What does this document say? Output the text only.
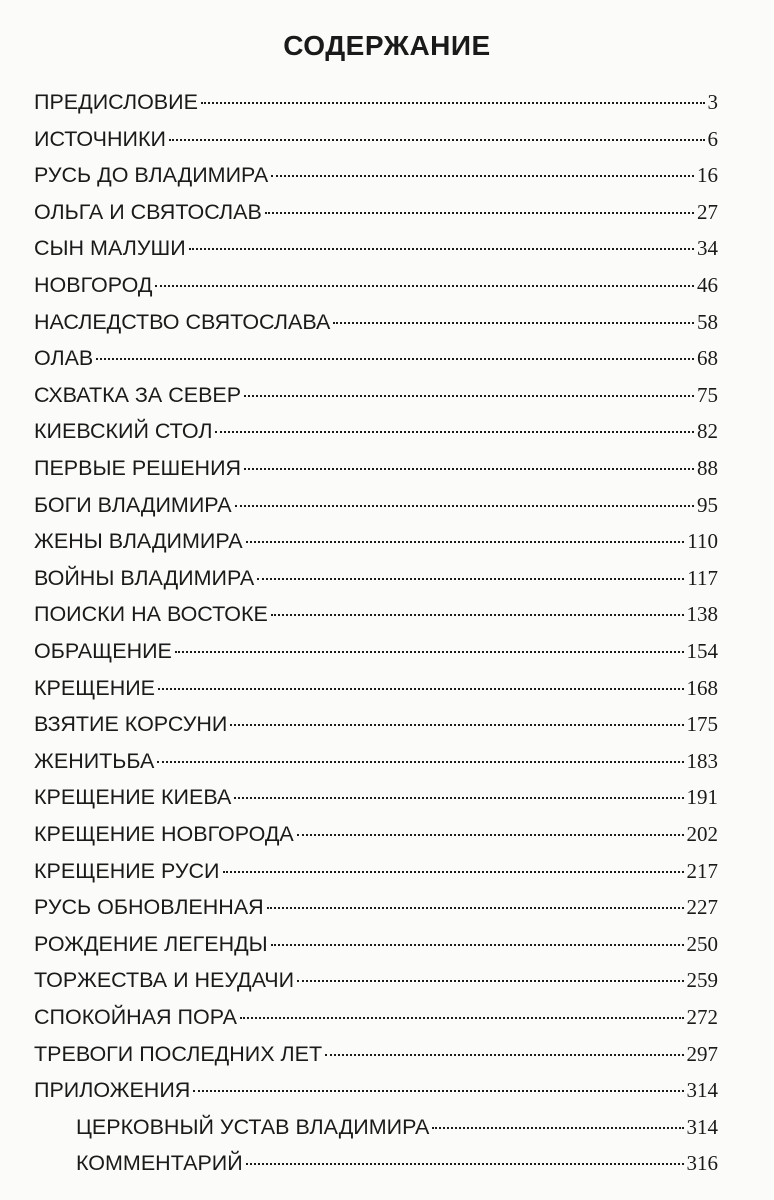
СОДЕРЖАНИЕ
ПРЕДИСЛОВИЕ	3
ИСТОЧНИКИ	6
РУСЬ ДО ВЛАДИМИРА	16
ОЛЬГА И СВЯТОСЛАВ	27
СЫН МАЛУШИ	34
НОВГОРОД	46
НАСЛЕДСТВО СВЯТОСЛАВА	58
ОЛАВ	68
СХВАТКА ЗА СЕВЕР	75
КИЕВСКИЙ СТОЛ	82
ПЕРВЫЕ РЕШЕНИЯ	88
БОГИ ВЛАДИМИРА	95
ЖЕНЫ ВЛАДИМИРА	110
ВОЙНЫ ВЛАДИМИРА	117
ПОИСКИ НА ВОСТОКЕ	138
ОБРАЩЕНИЕ	154
КРЕЩЕНИЕ	168
ВЗЯТИЕ КОРСУНИ	175
ЖЕНИТЬБА	183
КРЕЩЕНИЕ КИЕВА	191
КРЕЩЕНИЕ НОВГОРОДА	202
КРЕЩЕНИЕ РУСИ	217
РУСЬ ОБНОВЛЕННАЯ	227
РОЖДЕНИЕ ЛЕГЕНДЫ	250
ТОРЖЕСТВА И НЕУДАЧИ	259
СПОКОЙНАЯ ПОРА	272
ТРЕВОГИ ПОСЛЕДНИХ ЛЕТ	297
ПРИЛОЖЕНИЯ	314
ЦЕРКОВНЫЙ УСТАВ ВЛАДИМИРА	314
КОММЕНТАРИЙ	316
